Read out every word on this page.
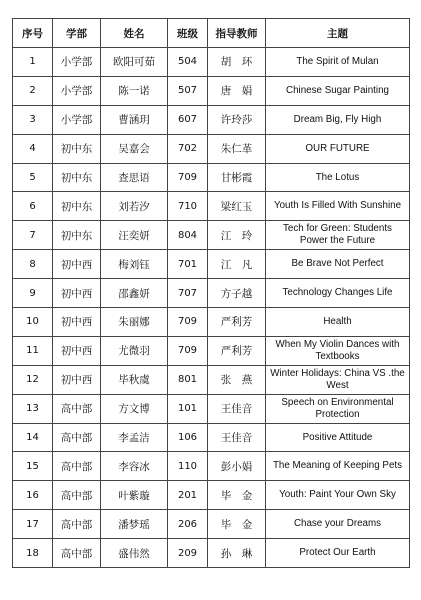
序号	学部	姓名	班级	指导教师	主题
1	小学部	欧阳可茹	504	胡　环	The Spirit of Mulan
2	小学部	陈一诺	507	唐　娟	Chinese Sugar Painting
3	小学部	曹涵玥	607	许玲莎	Dream Big, Fly High
4	初中东	吴嘉会	702	朱仁革	OUR FUTURE
5	初中东	查思语	709	甘彬霞	The Lotus
6	初中东	刘若汐	710	梁红玉	Youth Is Filled With Sunshine
7	初中东	汪奕妍	804	江　玲	Tech for Green: Students Power the Future
8	初中西	梅刘钰	701	江　凡	Be Brave Not Perfect
9	初中西	邵鑫妍	707	方子越	Technology Changes Life
10	初中西	朱丽娜	709	严利芳	Health
11	初中西	尤微羽	709	严利芳	When My Violin Dances with Textbooks
12	初中西	毕秋虞	801	张　燕	Winter Holidays: China VS .the West
13	高中部	方文博	101	王佳音	Speech on Environmental Protection
14	高中部	李孟洁	106	王佳音	Positive Attitude
15	高中部	李容冰	110	彭小娟	The Meaning of Keeping Pets
16	高中部	叶紫璇	201	毕　金	Youth: Paint Your Own Sky
17	高中部	潘梦瑶	206	毕　金	Chase your Dreams
18	高中部	盛伟然	209	孙　琳	Protect Our Earth
